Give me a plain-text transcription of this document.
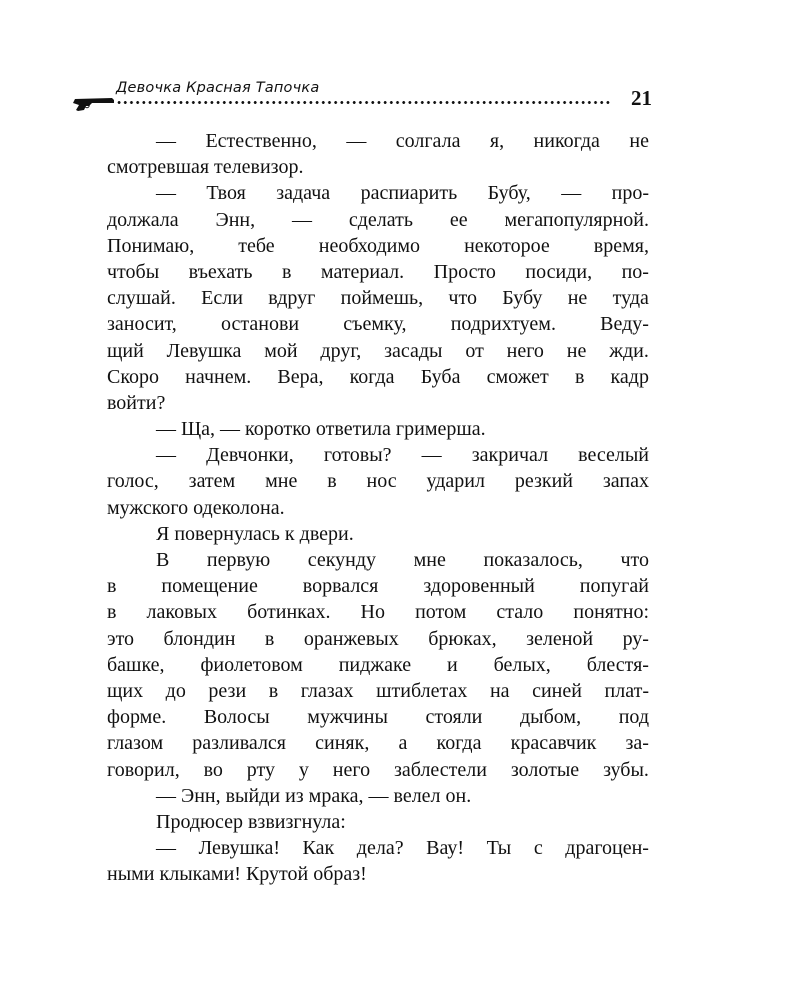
Девочка Красная Тапочка	21
— Естественно, — солгала я, никогда не
смотревшая телевизор.
— Твоя задача распиарить Бубу, — про-
должала Энн, — сделать ее мегапопулярной.
Понимаю, тебе необходимо некоторое время,
чтобы въехать в материал. Просто посиди, по-
слушай. Если вдруг поймешь, что Бубу не туда
заносит, останови съемку, подрихтуем. Веду-
щий Левушка мой друг, засады от него не жди.
Скоро начнем. Вера, когда Буба сможет в кадр
войти?
— Ща, — коротко ответила гримерша.
— Девчонки, готовы? — закричал веселый
голос, затем мне в нос ударил резкий запах
мужского одеколона.
Я повернулась к двери.
В первую секунду мне показалось, что
в помещение ворвался здоровенный попугай
в лаковых ботинках. Но потом стало понятно:
это блондин в оранжевых брюках, зеленой ру-
башке, фиолетовом пиджаке и белых, блестя-
щих до рези в глазах штиблетах на синей плат-
форме. Волосы мужчины стояли дыбом, под
глазом разливался синяк, а когда красавчик за-
говорил, во рту у него заблестели золотые зубы.
— Энн, выйди из мрака, — велел он.
Продюсер взвизгнула:
— Левушка! Как дела? Вау! Ты с драгоцен-
ными клыками! Крутой образ!
